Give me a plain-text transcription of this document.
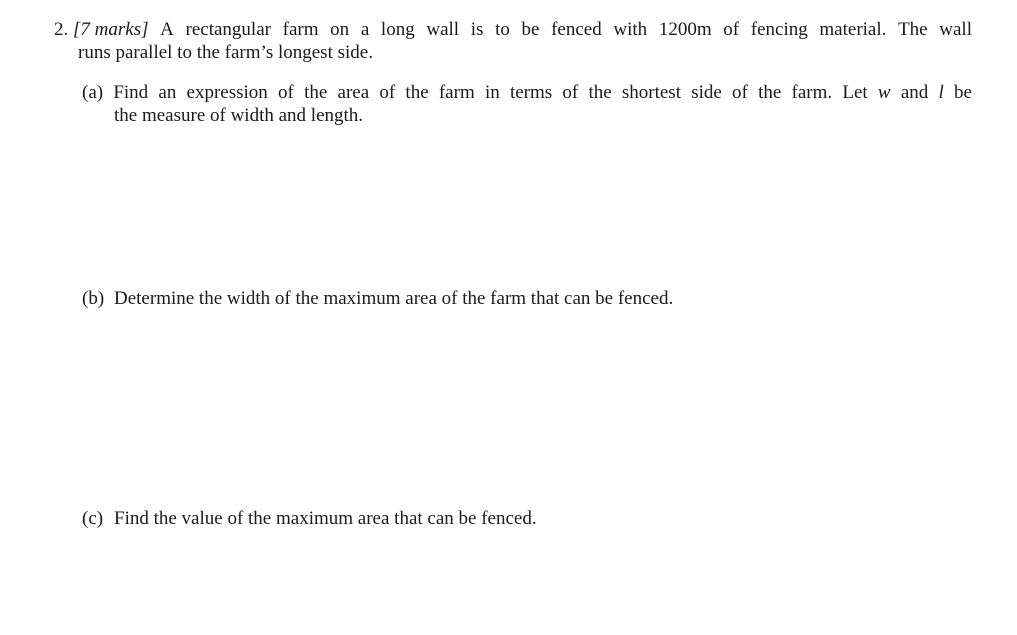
2. [7 marks] A rectangular farm on a long wall is to be fenced with 1200m of fencing material. The wall
runs parallel to the farm’s longest side.
(a) Find an expression of the area of the farm in terms of the shortest side of the farm. Let w and l be
the measure of width and length.
(b) Determine the width of the maximum area of the farm that can be fenced.
(c) Find the value of the maximum area that can be fenced.
